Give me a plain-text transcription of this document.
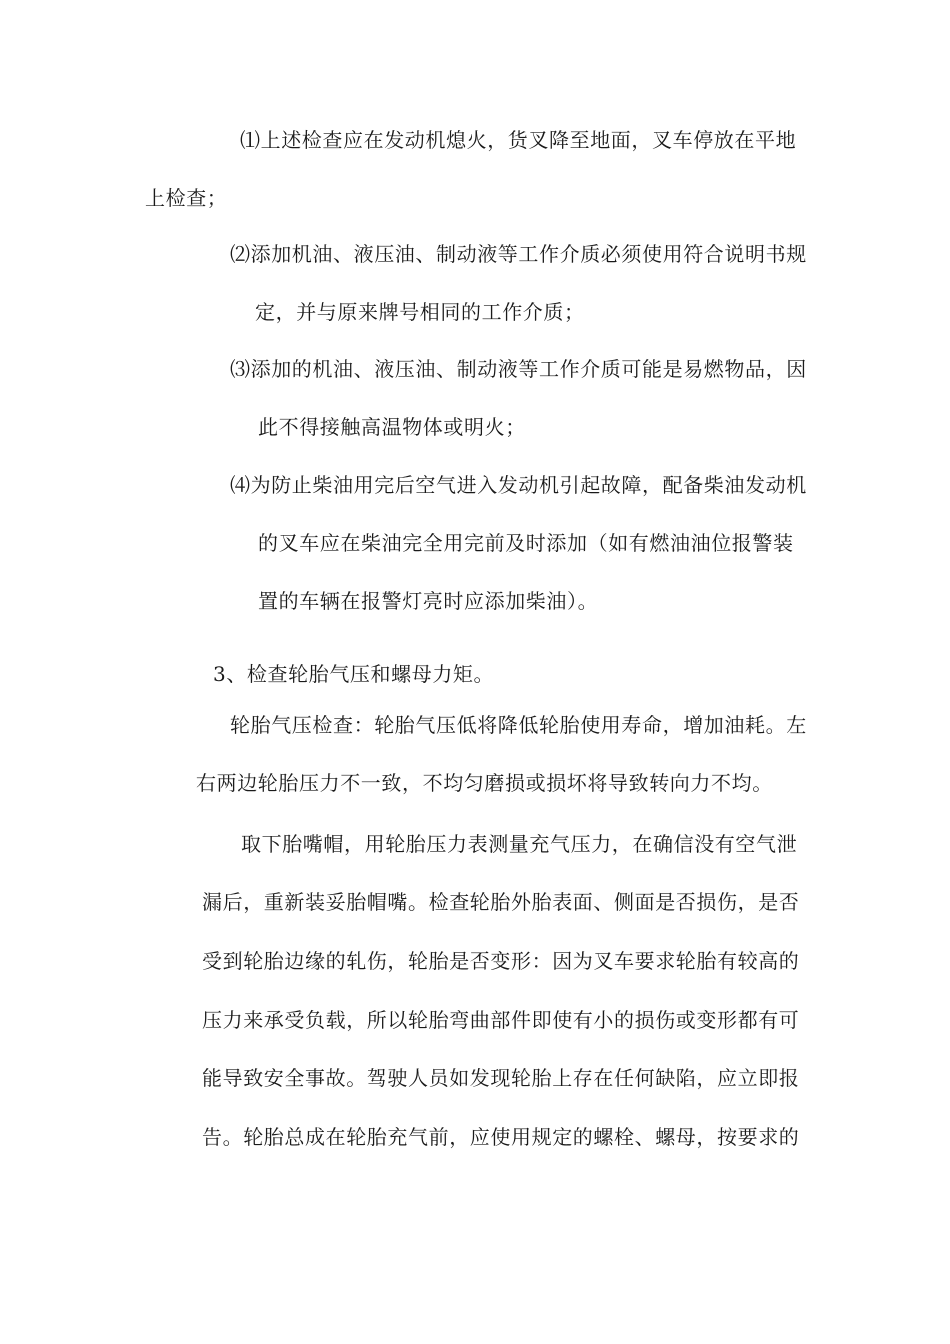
⑴上述检查应在发动机熄火，货叉降至地面，叉车停放在平地
上检查；
⑵添加机油、液压油、制动液等工作介质必须使用符合说明书规
定，并与原来牌号相同的工作介质；
⑶添加的机油、液压油、制动液等工作介质可能是易燃物品，因
此不得接触高温物体或明火；
⑷为防止柴油用完后空气进入发动机引起故障，配备柴油发动机
的叉车应在柴油完全用完前及时添加（如有燃油油位报警装
置的车辆在报警灯亮时应添加柴油）。
3、检查轮胎气压和螺母力矩。
轮胎气压检查：轮胎气压低将降低轮胎使用寿命，增加油耗。左
右两边轮胎压力不一致，不均匀磨损或损坏将导致转向力不均。
取下胎嘴帽，用轮胎压力表测量充气压力，在确信没有空气泄
漏后，重新装妥胎帽嘴。检查轮胎外胎表面、侧面是否损伤，是否
受到轮胎边缘的轧伤，轮胎是否变形：因为叉车要求轮胎有较高的
压力来承受负载，所以轮胎弯曲部件即使有小的损伤或变形都有可
能导致安全事故。驾驶人员如发现轮胎上存在任何缺陷，应立即报
告。轮胎总成在轮胎充气前，应使用规定的螺栓、螺母，按要求的
